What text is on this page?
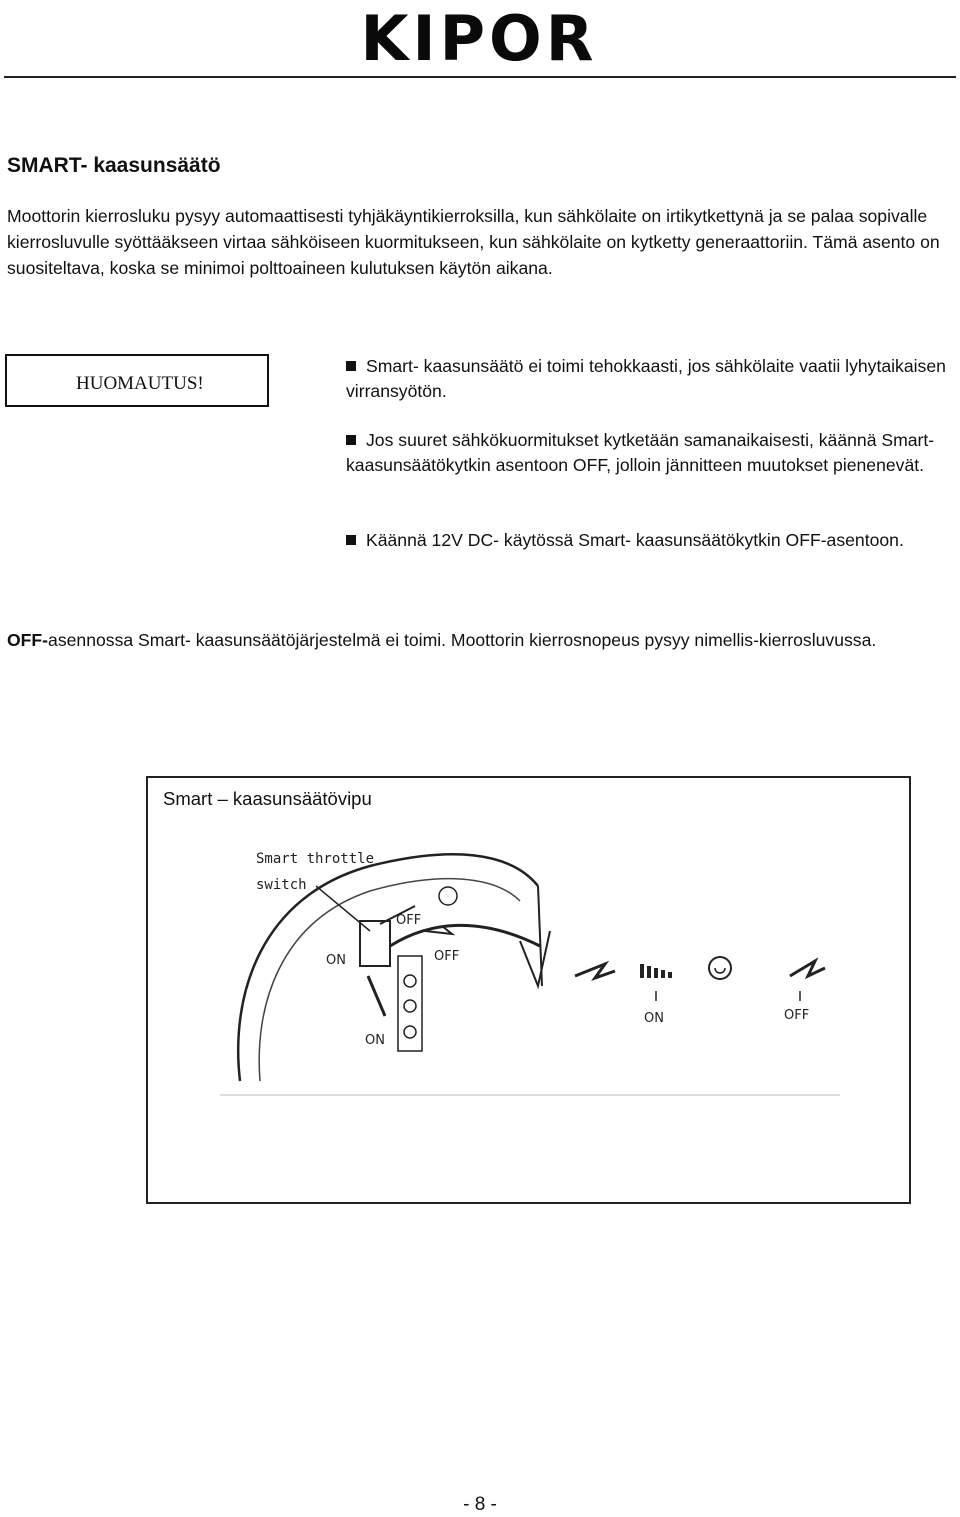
KIPOR
SMART- kaasunsäätö

Moottorin kierrosluku pysyy automaattisesti tyhjäkäyntikierroksilla, kun sähkölaite on irtikytkettynä ja se palaa sopivalle kierrosluvulle syöttääkseen virtaa sähköiseen kuormitukseen, kun sähkölaite on kytketty generaattoriin. Tämä asento on suositeltava, koska se minimoi polttoaineen kulutuksen käytön aikana.

HUOMAUTUS!

Smart- kaasunsäätö ei toimi tehokkaasti, jos sähkölaite vaatii lyhytaikaisen virransyötön.

Jos suuret sähkökuormitukset kytketään samanaikaisesti, käännä Smart- kaasunsäätökytkin asentoon OFF, jolloin jännitteen muutokset pienenevät.

Käännä 12V DC- käytössä Smart- kaasunsäätökytkin OFF-asentoon.

OFF-asennossa Smart- kaasunsäätöjärjestelmä ei toimi. Moottorin kierrosnopeus pysyy nimellis-kierrosluvussa.

Smart – kaasunsäätövipu
Smart throttle
switch
OFF
OFF
ON
ON
ON	OFF
- 8 -
